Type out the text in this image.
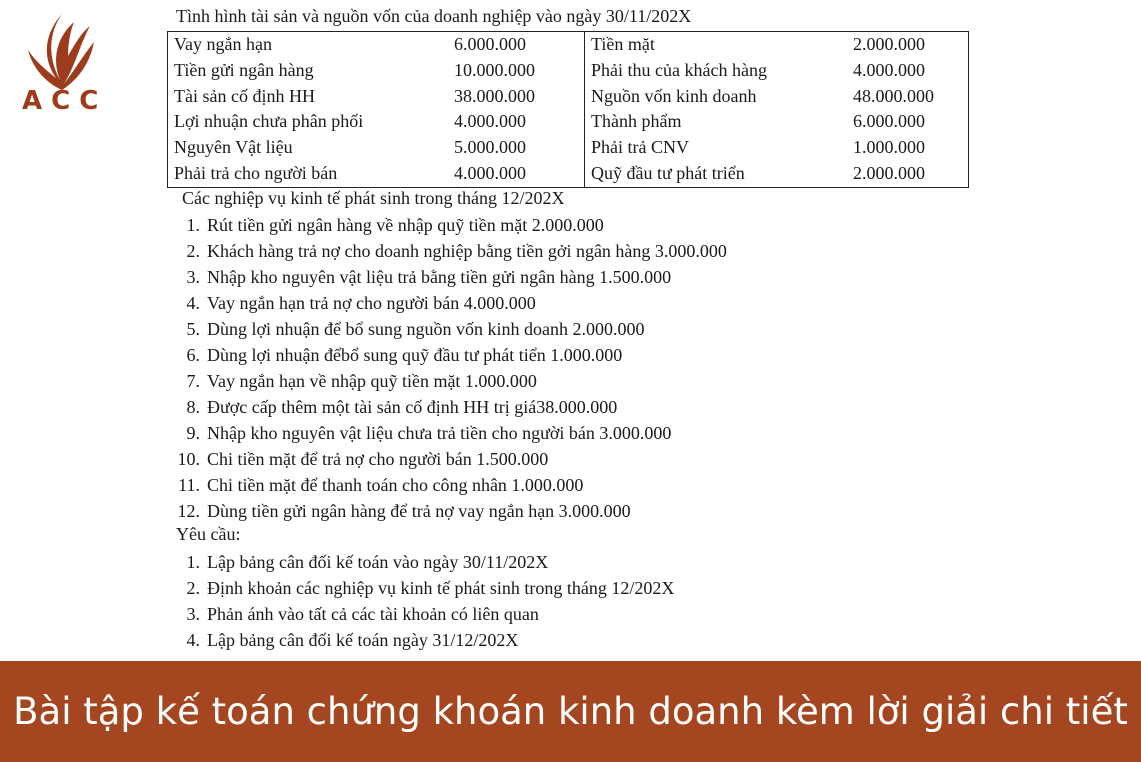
ACC
Tình hình tài sản và nguồn vốn của doanh nghiệp vào ngày 30/11/202X
Vay ngắn hạn	6.000.000	Tiền mặt	2.000.000
Tiền gửi ngân hàng	10.000.000	Phải thu của khách hàng	4.000.000
Tài sản cố định HH	38.000.000	Nguồn vốn kinh doanh	48.000.000
Lợi nhuận chưa phân phối	4.000.000	Thành phẩm	6.000.000
Nguyên Vật liệu	5.000.000	Phải trả CNV	1.000.000
Phải trả cho người bán	4.000.000	Quỹ đầu tư phát triển	2.000.000
Các nghiệp vụ kinh tế phát sinh trong tháng 12/202X
1. Rút tiền gửi ngân hàng về nhập quỹ tiền mặt 2.000.000
2. Khách hàng trả nợ cho doanh nghiệp bằng tiền gởi ngân hàng 3.000.000
3. Nhập kho nguyên vật liệu trả bằng tiền gửi ngân hàng 1.500.000
4. Vay ngắn hạn trả nợ cho người bán 4.000.000
5. Dùng lợi nhuận để bổ sung nguồn vốn kinh doanh 2.000.000
6. Dùng lợi nhuận đểbổ sung quỹ đầu tư phát tiển 1.000.000
7. Vay ngắn hạn về nhập quỹ tiền mặt 1.000.000
8. Được cấp thêm một tài sản cố định HH trị giá38.000.000
9. Nhập kho nguyên vật liệu chưa trả tiền cho người bán 3.000.000
10. Chi tiền mặt để trả nợ cho người bán 1.500.000
11. Chi tiền mặt để thanh toán cho công nhân 1.000.000
12. Dùng tiền gửi ngân hàng để trả nợ vay ngắn hạn 3.000.000
Yêu cầu:
1. Lập bảng cân đối kế toán vào ngày 30/11/202X
2. Định khoản các nghiệp vụ kinh tế phát sinh trong tháng 12/202X
3. Phản ánh vào tất cả các tài khoản có liên quan
4. Lập bảng cân đối kế toán ngày 31/12/202X
Bài tập kế toán chứng khoán kinh doanh kèm lời giải chi tiết
